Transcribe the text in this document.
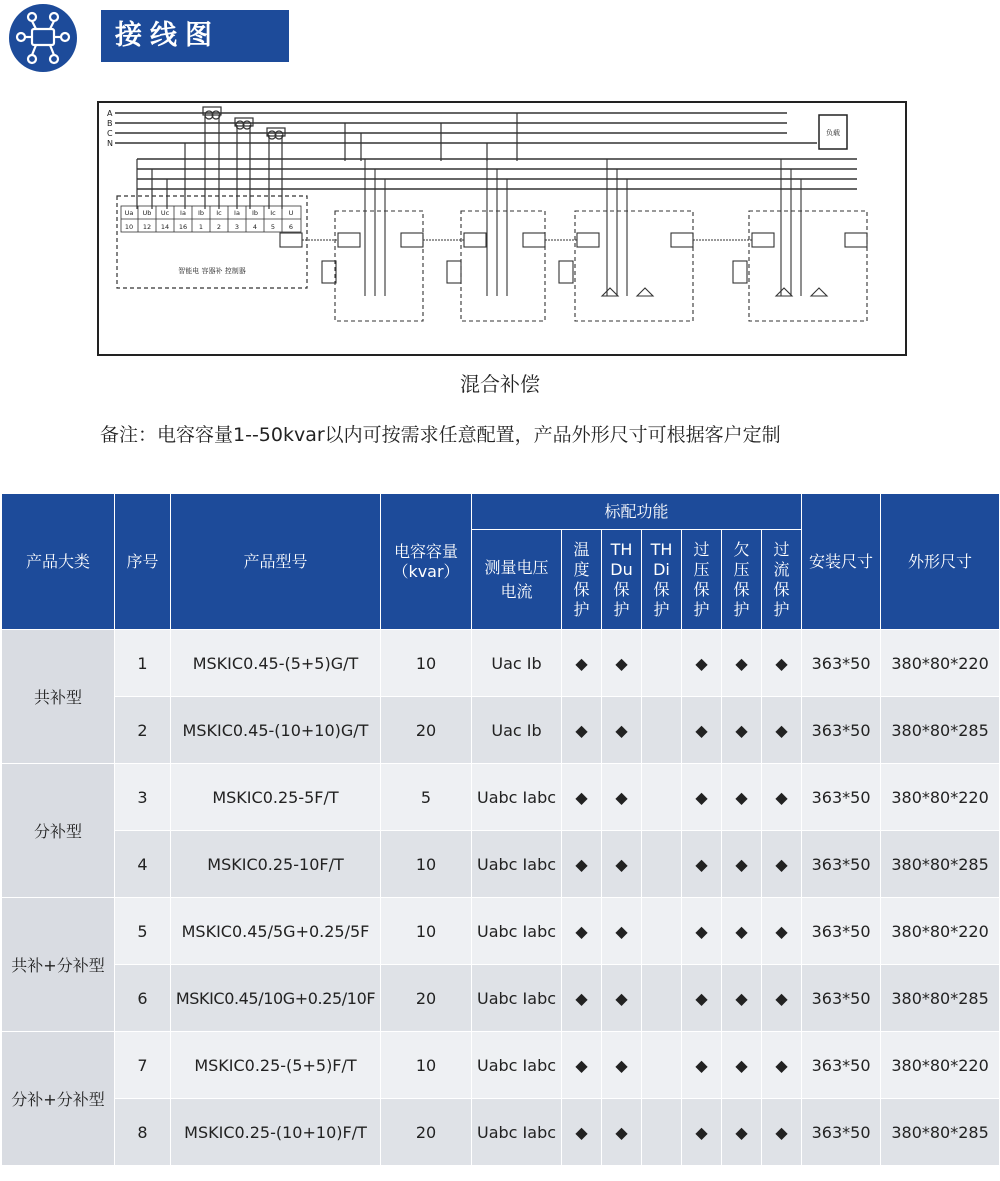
接线图
A
B
C
N
负载
Ua Ub Uc Ia Ib Ic Ia Ib Ic U
10 12 14 16 1 2 3 4 5 6
智能电 容器补 控制器
混合补偿
备注：电容容量1--50kvar以内可按需求任意配置，产品外形尺寸可根据客户定制
产品大类	序号	产品型号	电容容量
（kvar）	标配功能							安装尺寸	外形尺寸
				测量电压电流	温度保护	THDu保护	THDi保护	过压保护	欠压保护	过流保护		
共补型	1	MSKIC0.45-(5+5)G/T	10	Uac Ib	◆	◆		◆	◆	◆	363*50	380*80*220
	2	MSKIC0.45-(10+10)G/T	20	Uac Ib	◆	◆		◆	◆	◆	363*50	380*80*285
分补型	3	MSKIC0.25-5F/T	5	Uabc Iabc	◆	◆		◆	◆	◆	363*50	380*80*220
	4	MSKIC0.25-10F/T	10	Uabc Iabc	◆	◆		◆	◆	◆	363*50	380*80*285
共补+分补型	5	MSKIC0.45/5G+0.25/5F	10	Uabc Iabc	◆	◆		◆	◆	◆	363*50	380*80*220
	6	MSKIC0.45/10G+0.25/10F	20	Uabc Iabc	◆	◆		◆	◆	◆	363*50	380*80*285
分补+分补型	7	MSKIC0.25-(5+5)F/T	10	Uabc Iabc	◆	◆		◆	◆	◆	363*50	380*80*220
	8	MSKIC0.25-(10+10)F/T	20	Uabc Iabc	◆	◆		◆	◆	◆	363*50	380*80*285
